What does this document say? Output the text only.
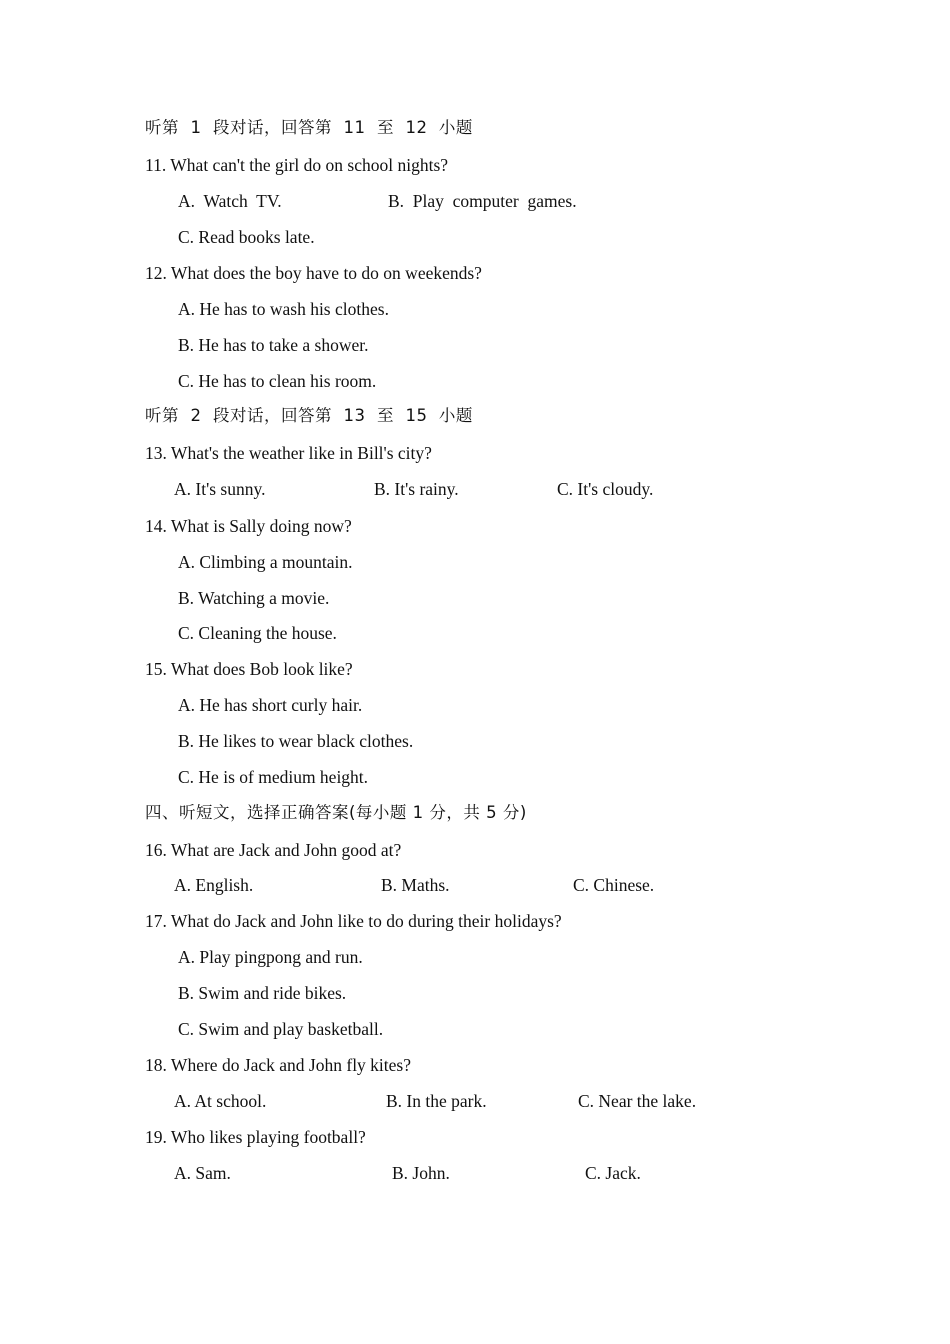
听第  1  段对话，回答第  11  至  12  小题
11. What can't the girl do on school nights?
A.  Watch  TV.	B.  Play  computer  games.
C. Read books late.
12. What does the boy have to do on weekends?
A. He has to wash his clothes.
B. He has to take a shower.
C. He has to clean his room.
听第  2  段对话，回答第  13  至  15  小题
13. What's the weather like in Bill's city?
A. It's sunny.	B. It's rainy.	C. It's cloudy.
14. What is Sally doing now?
A. Climbing a mountain.
B. Watching a movie.
C. Cleaning the house.
15. What does Bob look like?
A. He has short curly hair.
B. He likes to wear black clothes.
C. He is of medium height.
四、听短文，选择正确答案(每小题 1 分，共 5 分)
16. What are Jack and John good at?
A. English.	B. Maths.	C. Chinese.
17. What do Jack and John like to do during their holidays?
A. Play pingpong and run.
B. Swim and ride bikes.
C. Swim and play basketball.
18. Where do Jack and John fly kites?
A. At school.	B. In the park.	C. Near the lake.
19. Who likes playing football?
A. Sam.	B. John.	C. Jack.
